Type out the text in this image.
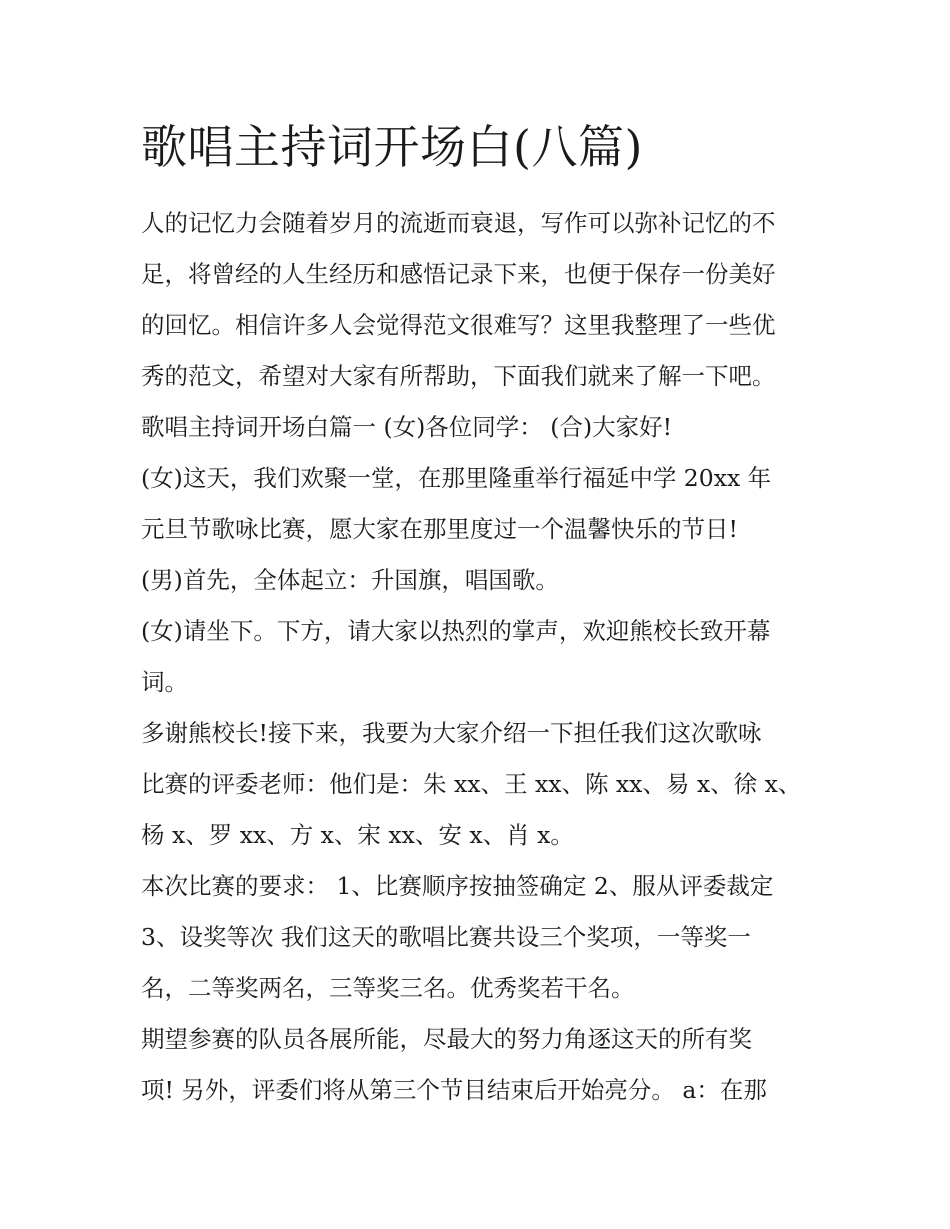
歌唱主持词开场白(八篇)
人的记忆力会随着岁月的流逝而衰退，写作可以弥补记忆的不
足，将曾经的人生经历和感悟记录下来，也便于保存一份美好
的回忆。相信许多人会觉得范文很难写？这里我整理了一些优
秀的范文，希望对大家有所帮助，下面我们就来了解一下吧。
歌唱主持词开场白篇一 (女)各位同学： (合)大家好!
(女)这天，我们欢聚一堂，在那里隆重举行福延中学 20xx 年
元旦节歌咏比赛，愿大家在那里度过一个温馨快乐的节日!
(男)首先，全体起立：升国旗，唱国歌。
(女)请坐下。下方，请大家以热烈的掌声，欢迎熊校长致开幕
词。
多谢熊校长!接下来，我要为大家介绍一下担任我们这次歌咏
比赛的评委老师：他们是：朱 xx、王 xx、陈 xx、易 x、徐 x、
杨 x、罗 xx、方 x、宋 xx、安 x、肖 x。
本次比赛的要求： 1、比赛顺序按抽签确定 2、服从评委裁定
3、设奖等次 我们这天的歌唱比赛共设三个奖项，一等奖一
名，二等奖两名，三等奖三名。优秀奖若干名。
期望参赛的队员各展所能，尽最大的努力角逐这天的所有奖
项! 另外，评委们将从第三个节目结束后开始亮分。 a：在那
